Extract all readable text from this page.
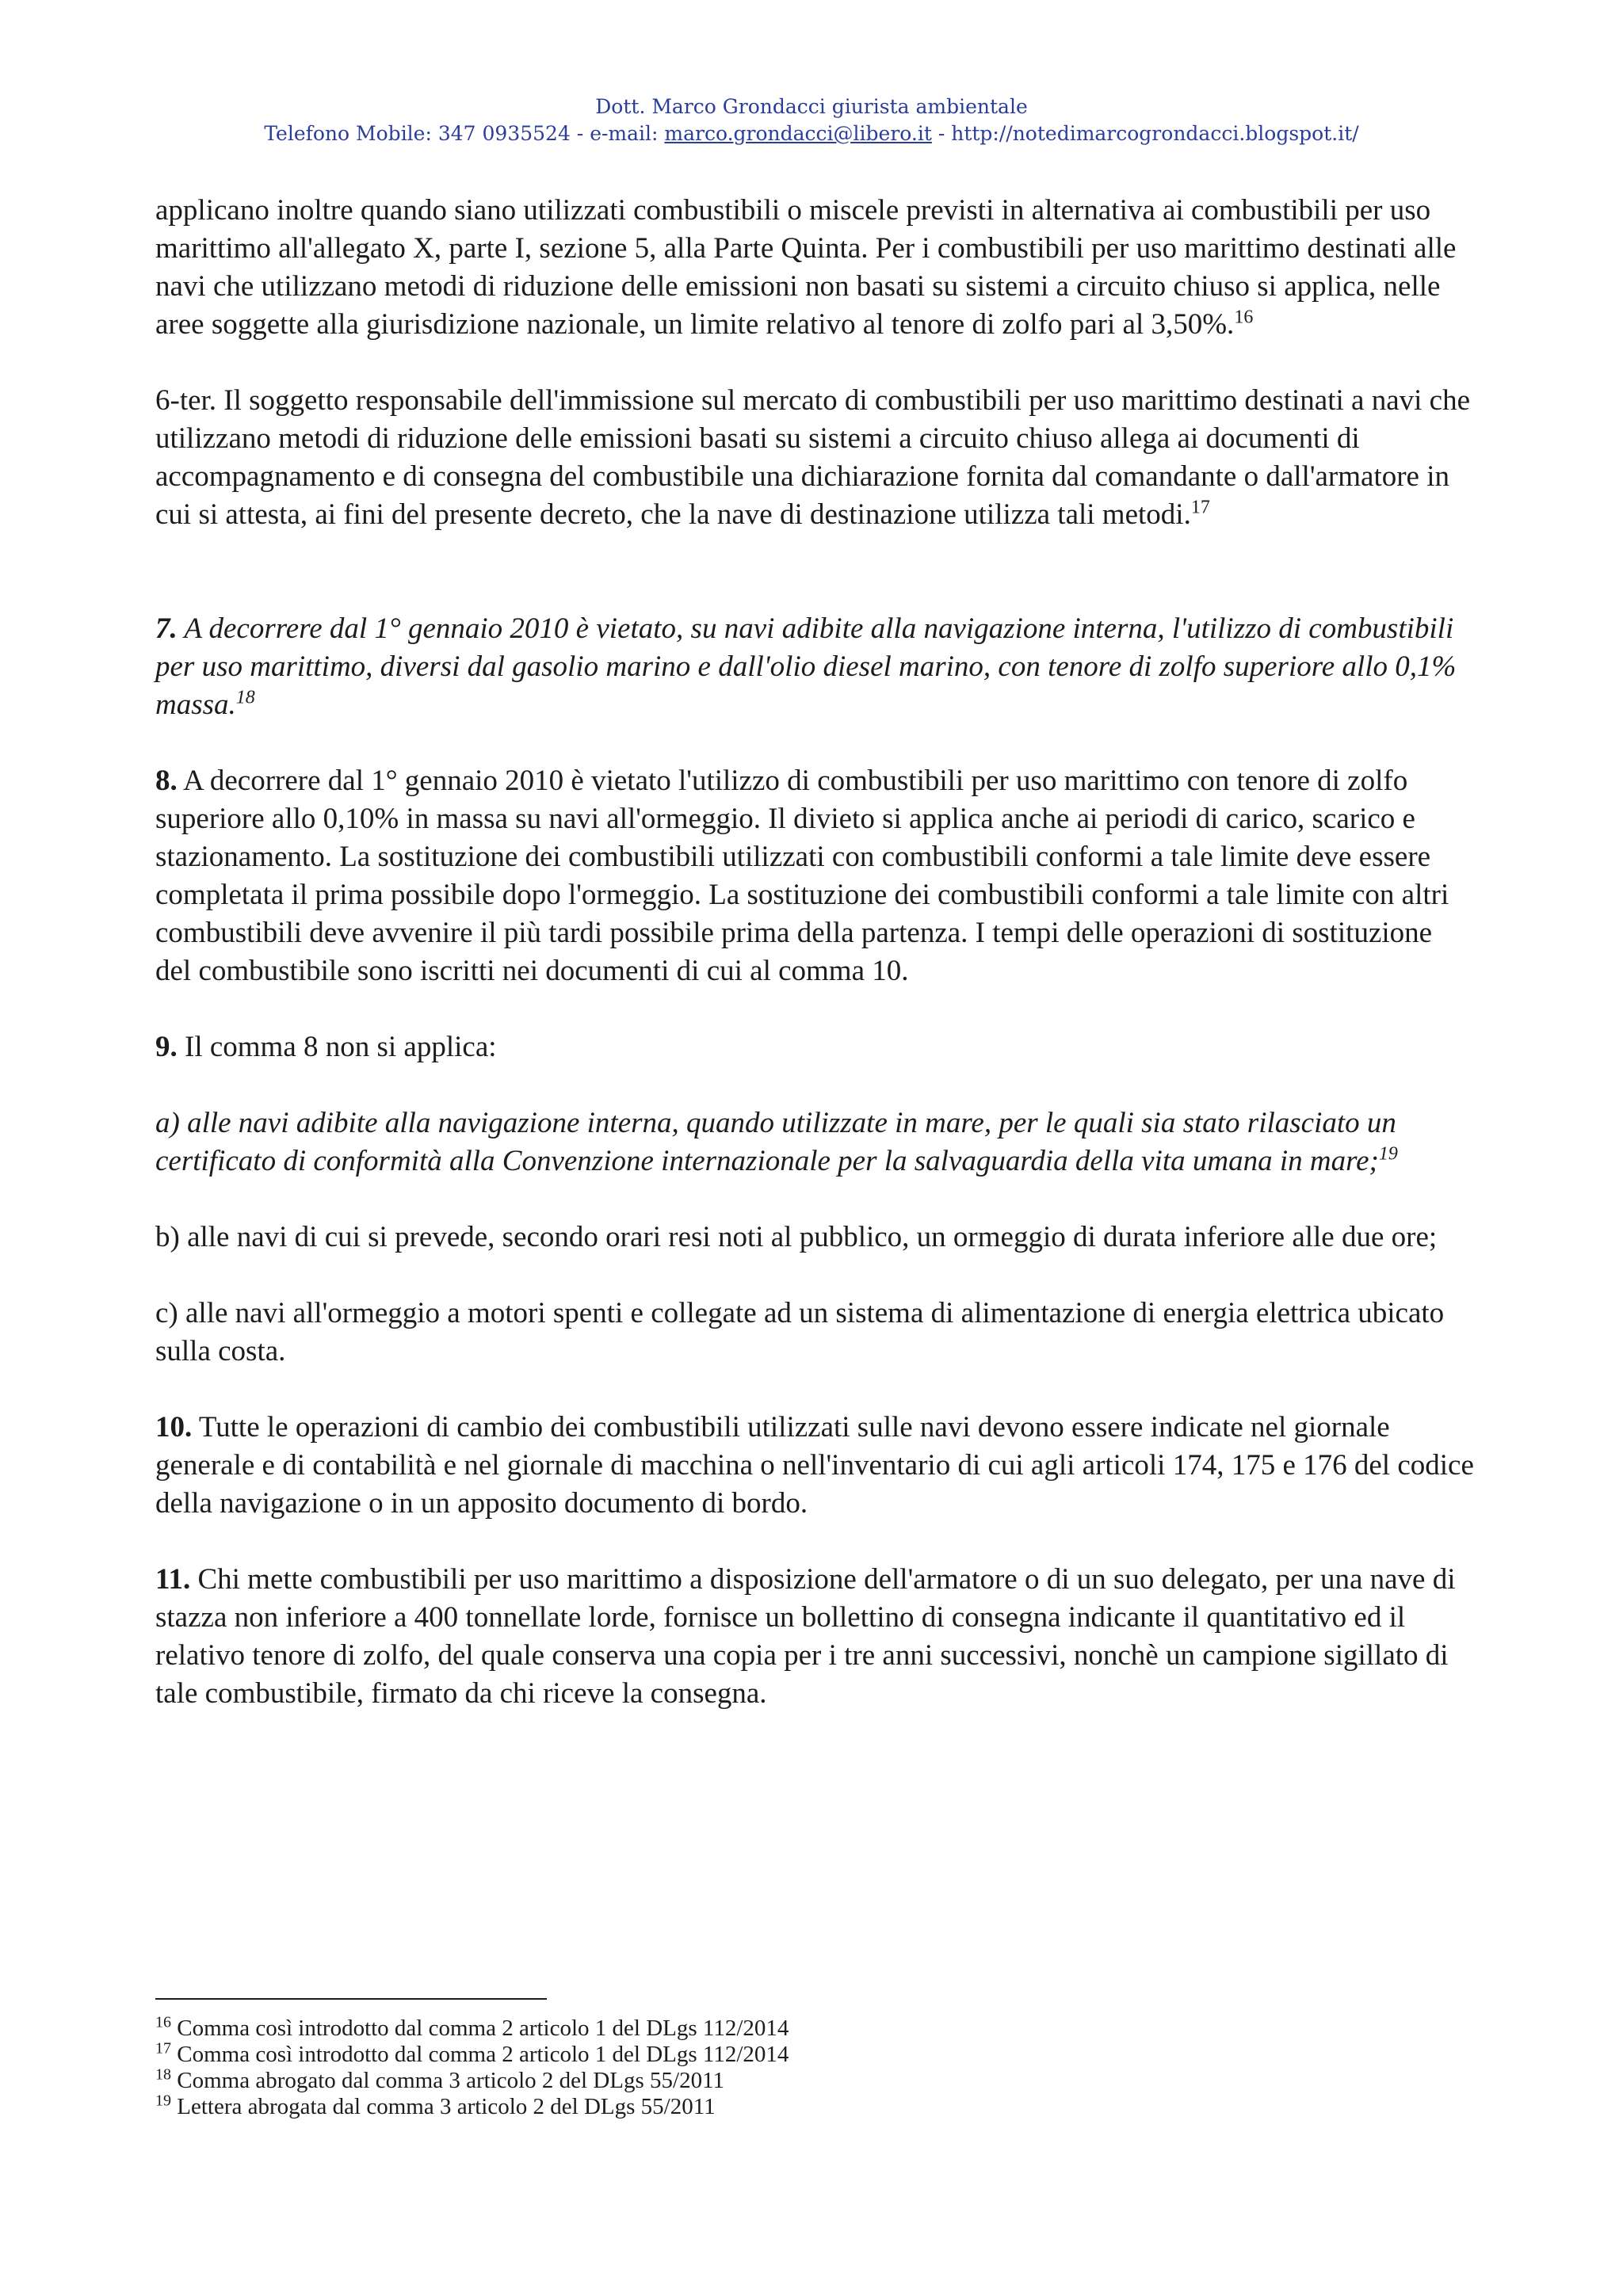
Dott. Marco Grondacci giurista ambientale
Telefono Mobile: 347 0935524 - e-mail: marco.grondacci@libero.it - http://notedimarcogrondacci.blogspot.it/

applicano inoltre quando siano utilizzati combustibili o miscele previsti in alternativa ai combustibili per uso marittimo all'allegato X, parte I, sezione 5, alla Parte Quinta. Per i combustibili per uso marittimo destinati alle navi che utilizzano metodi di riduzione delle emissioni non basati su sistemi a circuito chiuso si applica, nelle aree soggette alla giurisdizione nazionale, un limite relativo al tenore di zolfo pari al 3,50%.$^{16}$

6-ter. Il soggetto responsabile dell'immissione sul mercato di combustibili per uso marittimo destinati a navi che utilizzano metodi di riduzione delle emissioni basati su sistemi a circuito chiuso allega ai documenti di accompagnamento e di consegna del combustibile una dichiarazione fornita dal comandante o dall'armatore in cui si attesta, ai fini del presente decreto, che la nave di destinazione utilizza tali metodi.$^{17}$

7. A decorrere dal 1° gennaio 2010 è vietato, su navi adibite alla navigazione interna, l'utilizzo di combustibili per uso marittimo, diversi dal gasolio marino e dall'olio diesel marino, con tenore di zolfo superiore allo 0,1% massa.$^{18}$

8. A decorrere dal 1° gennaio 2010 è vietato l'utilizzo di combustibili per uso marittimo con tenore di zolfo superiore allo 0,10% in massa su navi all'ormeggio. Il divieto si applica anche ai periodi di carico, scarico e stazionamento. La sostituzione dei combustibili utilizzati con combustibili conformi a tale limite deve essere completata il prima possibile dopo l'ormeggio. La sostituzione dei combustibili conformi a tale limite con altri combustibili deve avvenire il più tardi possibile prima della partenza. I tempi delle operazioni di sostituzione del combustibile sono iscritti nei documenti di cui al comma 10.

9. Il comma 8 non si applica:

a) alle navi adibite alla navigazione interna, quando utilizzate in mare, per le quali sia stato rilasciato un certificato di conformità alla Convenzione internazionale per la salvaguardia della vita umana in mare;$^{19}$

b) alle navi di cui si prevede, secondo orari resi noti al pubblico, un ormeggio di durata inferiore alle due ore;

c) alle navi all'ormeggio a motori spenti e collegate ad un sistema di alimentazione di energia elettrica ubicato sulla costa.

10. Tutte le operazioni di cambio dei combustibili utilizzati sulle navi devono essere indicate nel giornale generale e di contabilità e nel giornale di macchina o nell'inventario di cui agli articoli 174, 175 e 176 del codice della navigazione o in un apposito documento di bordo.

11. Chi mette combustibili per uso marittimo a disposizione dell'armatore o di un suo delegato, per una nave di stazza non inferiore a 400 tonnellate lorde, fornisce un bollettino di consegna indicante il quantitativo ed il relativo tenore di zolfo, del quale conserva una copia per i tre anni successivi, nonchè un campione sigillato di tale combustibile, firmato da chi riceve la consegna.

$^{16}$ Comma così introdotto dal comma 2 articolo 1 del DLgs 112/2014

$^{17}$ Comma così introdotto dal comma 2 articolo 1 del DLgs 112/2014

$^{18}$ Comma abrogato dal comma 3 articolo 2 del DLgs 55/2011

$^{19}$ Lettera abrogata dal comma 3 articolo 2 del DLgs 55/2011
